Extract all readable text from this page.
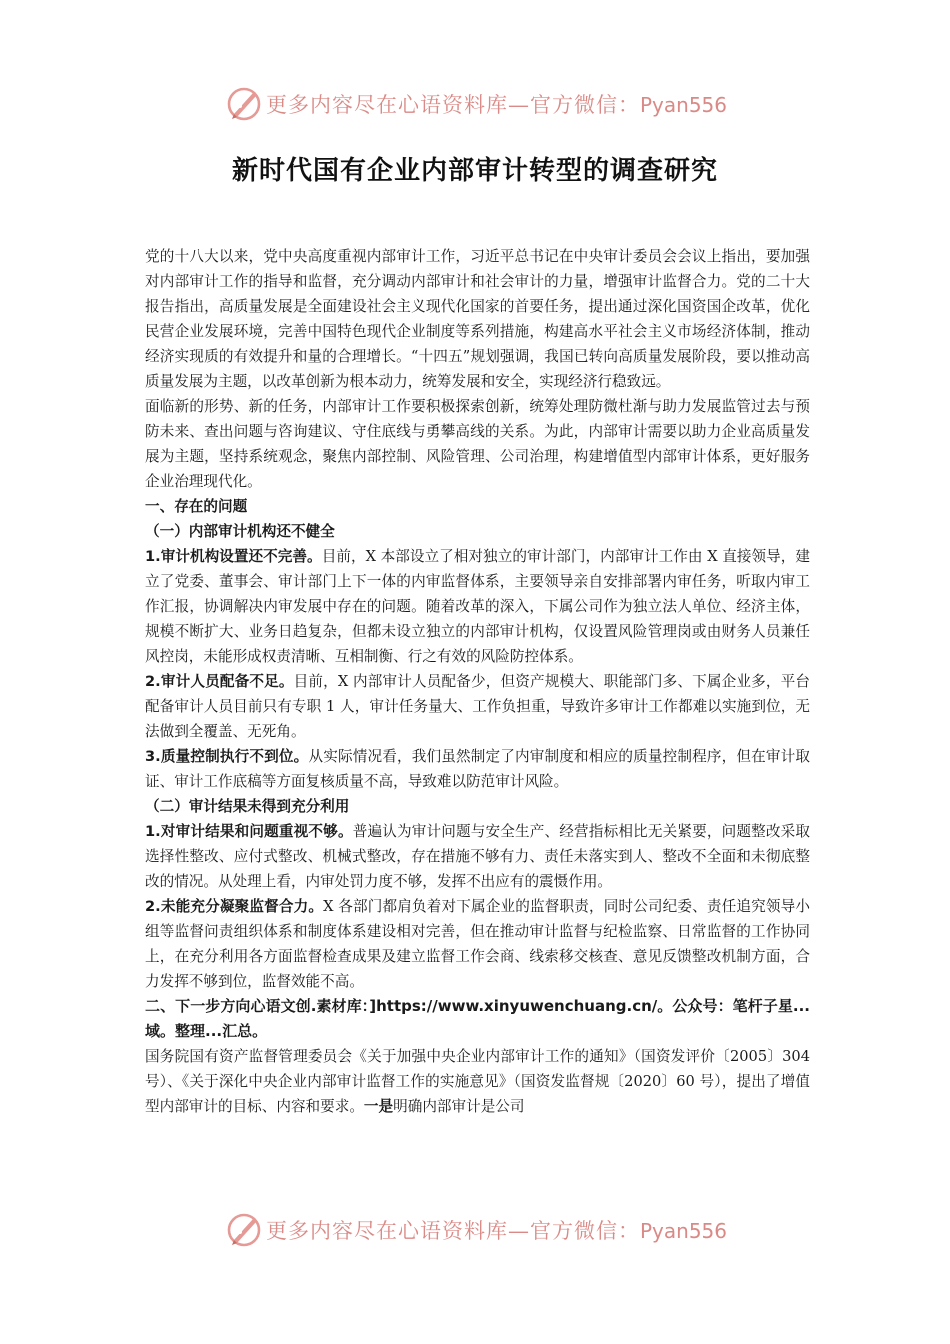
更多内容尽在心语资料库—官方微信：Pyan556
新时代国有企业内部审计转型的调查研究

党的十八大以来，党中央高度重视内部审计工作，习近平总书记在中央审计委员会会议上指出，要加强对内部审计工作的指导和监督，充分调动内部审计和社会审计的力量，增强审计监督合力。党的二十大报告指出，高质量发展是全面建设社会主义现代化国家的首要任务，提出通过深化国资国企改革，优化民营企业发展环境，完善中国特色现代企业制度等系列措施，构建高水平社会主义市场经济体制，推动经济实现质的有效提升和量的合理增长。“十四五”规划强调，我国已转向高质量发展阶段，要以推动高质量发展为主题，以改革创新为根本动力，统筹发展和安全，实现经济行稳致远。

面临新的形势、新的任务，内部审计工作要积极探索创新，统筹处理防微杜渐与助力发展监管过去与预防未来、查出问题与咨询建议、守住底线与勇攀高线的关系。为此，内部审计需要以助力企业高质量发展为主题，坚持系统观念，聚焦内部控制、风险管理、公司治理，构建增值型内部审计体系，更好服务企业治理现代化。

一、存在的问题

（一）内部审计机构还不健全

1.审计机构设置还不完善。目前，X 本部设立了相对独立的审计部门，内部审计工作由 X 直接领导，建立了党委、董事会、审计部门上下一体的内审监督体系，主要领导亲自安排部署内审任务，听取内审工作汇报，协调解决内审发展中存在的问题。随着改革的深入，下属公司作为独立法人单位、经济主体，规模不断扩大、业务日趋复杂，但都未设立独立的内部审计机构，仅设置风险管理岗或由财务人员兼任风控岗，未能形成权责清晰、互相制衡、行之有效的风险防控体系。

2.审计人员配备不足。目前，X 内部审计人员配备少，但资产规模大、职能部门多、下属企业多，平台配备审计人员目前只有专职 1 人，审计任务量大、工作负担重，导致许多审计工作都难以实施到位，无法做到全覆盖、无死角。

3.质量控制执行不到位。从实际情况看，我们虽然制定了内审制度和相应的质量控制程序，但在审计取证、审计工作底稿等方面复核质量不高，导致难以防范审计风险。

（二）审计结果未得到充分利用

1.对审计结果和问题重视不够。普遍认为审计问题与安全生产、经营指标相比无关紧要，问题整改采取选择性整改、应付式整改、机械式整改，存在措施不够有力、责任未落实到人、整改不全面和未彻底整改的情况。从处理上看，内审处罚力度不够，发挥不出应有的震慑作用。

2.未能充分凝聚监督合力。X 各部门都肩负着对下属企业的监督职责，同时公司纪委、责任追究领导小组等监督问责组织体系和制度体系建设相对完善，但在推动审计监督与纪检监察、日常监督的工作协同上，在充分利用各方面监督检查成果及建立监督工作会商、线索移交核查、意见反馈整改机制方面，合力发挥不够到位，监督效能不高。

二、下一步方向心语文创.素材库：]https://www.xinyuwenchuang.cn/。公众号：笔杆子星...域。整理...汇总。

国务院国有资产监督管理委员会《关于加强中央企业内部审计工作的通知》（国资发评价〔2005〕304 号）、《关于深化中央企业内部审计监督工作的实施意见》（国资发监督规〔2020〕60 号），提出了增值型内部审计的目标、内容和要求。一是明确内部审计是公司

更多内容尽在心语资料库—官方微信：Pyan556
